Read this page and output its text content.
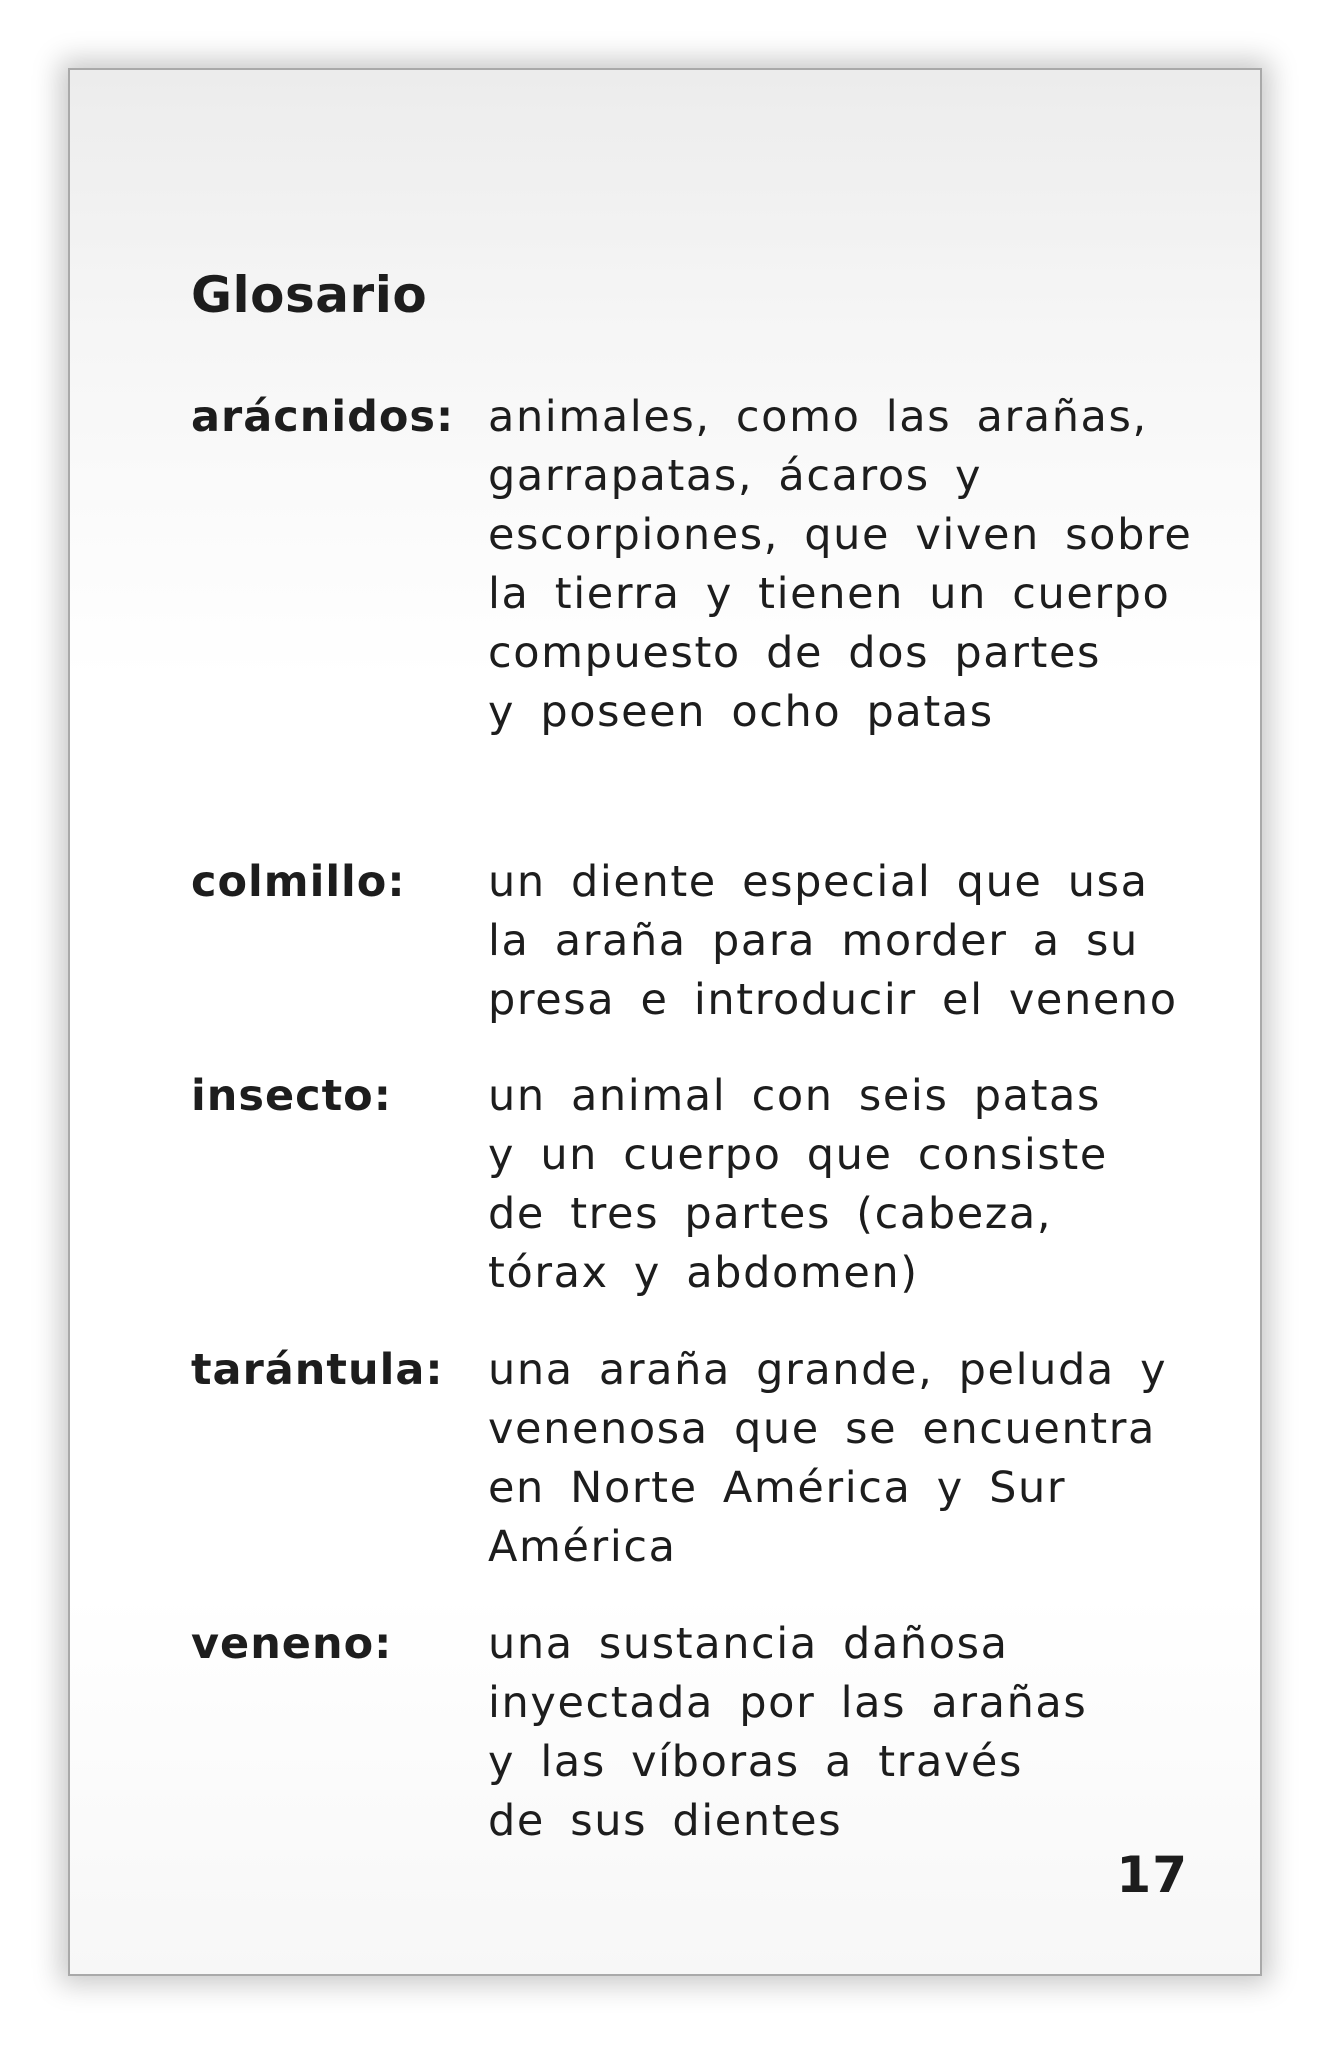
Glosario
arácnidos: animales, como las arañas,
garrapatas, ácaros y
escorpiones, que viven sobre
la tierra y tienen un cuerpo
compuesto de dos partes
y poseen ocho patas
colmillo: un diente especial que usa
la araña para morder a su
presa e introducir el veneno
insecto: un animal con seis patas
y un cuerpo que consiste
de tres partes (cabeza,
tórax y abdomen)
tarántula: una araña grande, peluda y
venenosa que se encuentra
en Norte América y Sur
América
veneno: una sustancia dañosa
inyectada por las arañas
y las víboras a través
de sus dientes
17
